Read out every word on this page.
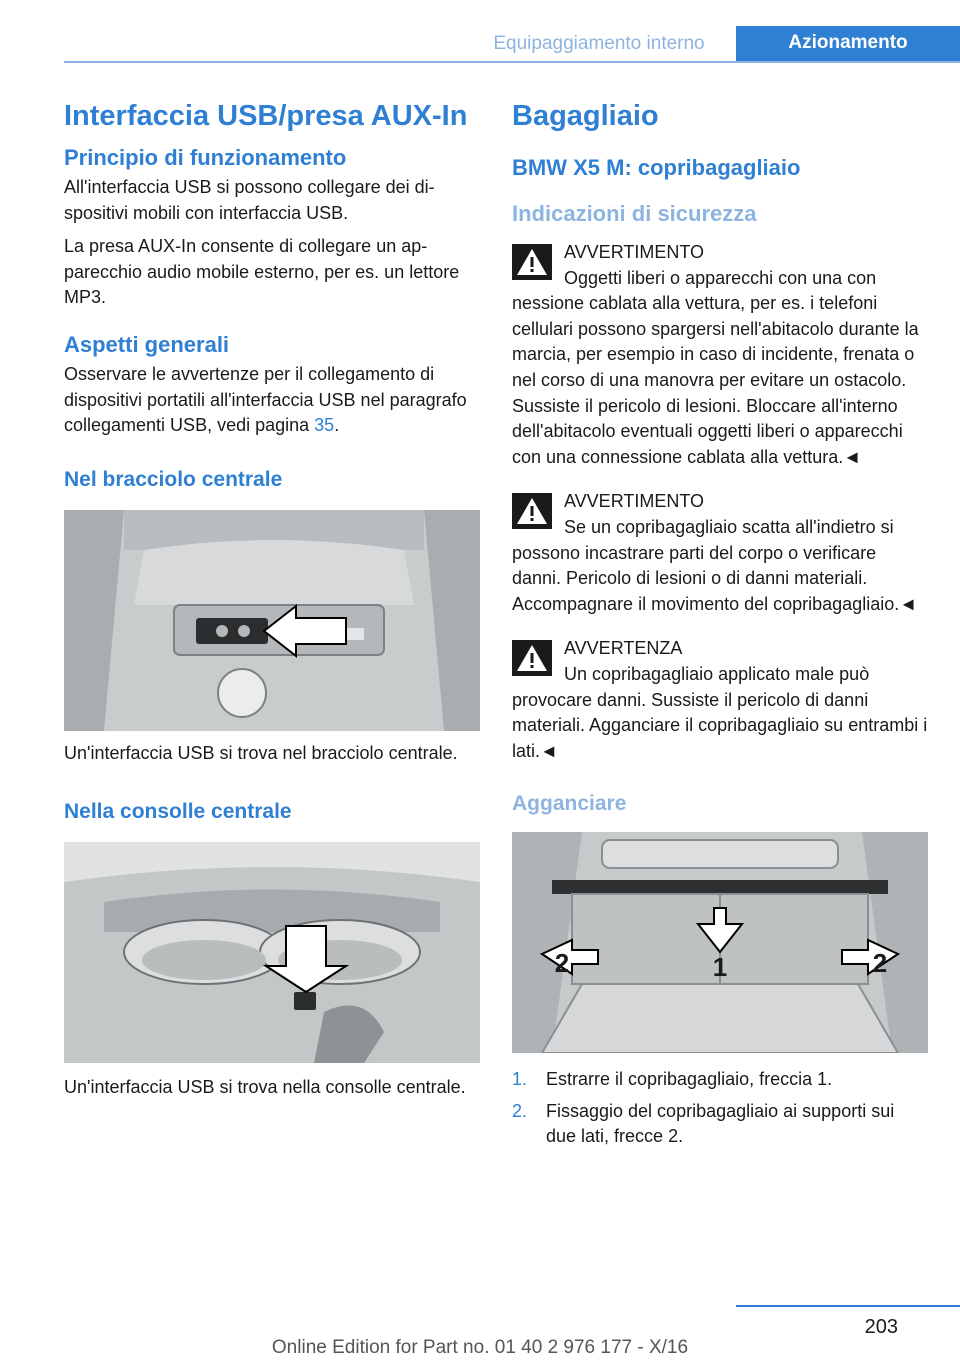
Equipaggiamento interno	Azionamento
Interfaccia USB/presa AUX-In
Principio di funzionamento

All'interfaccia USB si possono collegare dei dispositivi mobili con interfaccia USB.

La presa AUX-In consente di collegare un apparecchio audio mobile esterno, per es. un lettore MP3.

Aspetti generali

Osservare le avvertenze per il collegamento di dispositivi portatili all'interfaccia USB nel paragrafo collegamenti USB, vedi pagina 35.

Nel bracciolo centrale

Un'interfaccia USB si trova nel bracciolo centrale.

Nella consolle centrale

Un'interfaccia USB si trova nella consolle centrale.

Bagagliaio
BMW X5 M: copribagagliaio
Indicazioni di sicurezza

AVVERTIMENTO

Oggetti liberi o apparecchi con una con

nessione cablata alla vettura, per es. i telefoni cellulari possono spargersi nell'abitacolo durante la marcia, per esempio in caso di incidente, frenata o nel corso di una manovra per evitare un ostacolo. Sussiste il pericolo di lesioni. Bloccare all'interno dell'abitacolo eventuali oggetti liberi o apparecchi con una connessione cablata alla vettura.◄

AVVERTIMENTO

Se un copribagagliaio scatta all'indietro si

possono incastrare parti del corpo o verificare danni. Pericolo di lesioni o di danni materiali. Accompagnare il movimento del copribagagliaio.◄

AVVERTENZA

Un copribagagliaio applicato male può

provocare danni. Sussiste il pericolo di danni materiali. Agganciare il copribagagliaio su entrambi i lati.◄

Agganciare
1
2	2
1. Estrarre il copribagagliaio, freccia 1.
2. Fissaggio del copribagagliaio ai supporti sui due lati, frecce 2.
203
Online Edition for Part no. 01 40 2 976 177 - X/16
